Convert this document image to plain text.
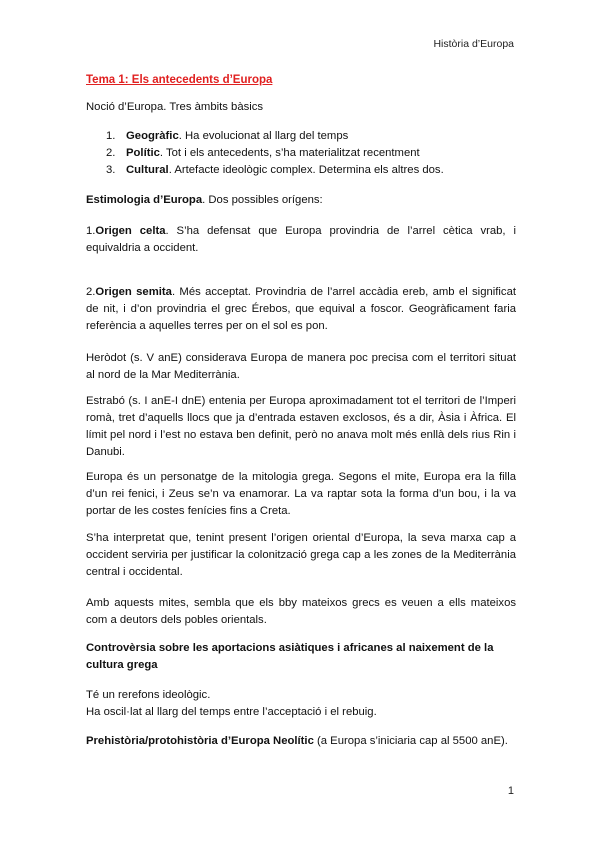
Història d’Europa
Tema 1: Els antecedents d’Europa
Noció d’Europa. Tres àmbits bàsics
1. Geogràfic. Ha evolucionat al llarg del temps
2. Polític. Tot i els antecedents, s’ha materialitzat recentment
3. Cultural. Artefacte ideològic complex. Determina els altres dos.
Estimologia d’Europa. Dos possibles orígens:
1.Origen celta. S’ha defensat que Europa provindria de l’arrel cètica vrab, i equivaldria a occident.
2.Origen semita. Més acceptat. Provindria de l’arrel accàdia ereb, amb el significat de nit, i d’on provindria el grec Érebos, que equival a foscor. Geogràficament faria referència a aquelles terres per on el sol es pon.
Heròdot (s. V anE) considerava Europa de manera poc precisa com el territori situat al nord de la Mar Mediterrània.
Estrabó (s. I anE-I dnE) entenia per Europa aproximadament tot el territori de l’Imperi romà, tret d’aquells llocs que ja d’entrada estaven exclosos, és a dir, Àsia i Àfrica. El límit pel nord i l’est no estava ben definit, però no anava molt més enllà dels rius Rin i Danubi.
Europa és un personatge de la mitologia grega. Segons el mite, Europa era la filla d’un rei fenici, i Zeus se’n va enamorar. La va raptar sota la forma d’un bou, i la va portar de les costes fenícies fins a Creta.
S’ha interpretat que, tenint present l’origen oriental d’Europa, la seva marxa cap a occident serviria per justificar la colonització grega cap a les zones de la Mediterrània central i occidental.
Amb aquests mites, sembla que els bby mateixos grecs es veuen a ells mateixos com a deutors dels pobles orientals.
Controvèrsia sobre les aportacions asiàtiques i africanes al naixement de la cultura grega
Té un rerefons ideològic.
Ha oscil·lat al llarg del temps entre l’acceptació i el rebuig.
Prehistòria/protohistòria d’Europa Neolític (a Europa s’iniciaria cap al 5500 anE).
1
